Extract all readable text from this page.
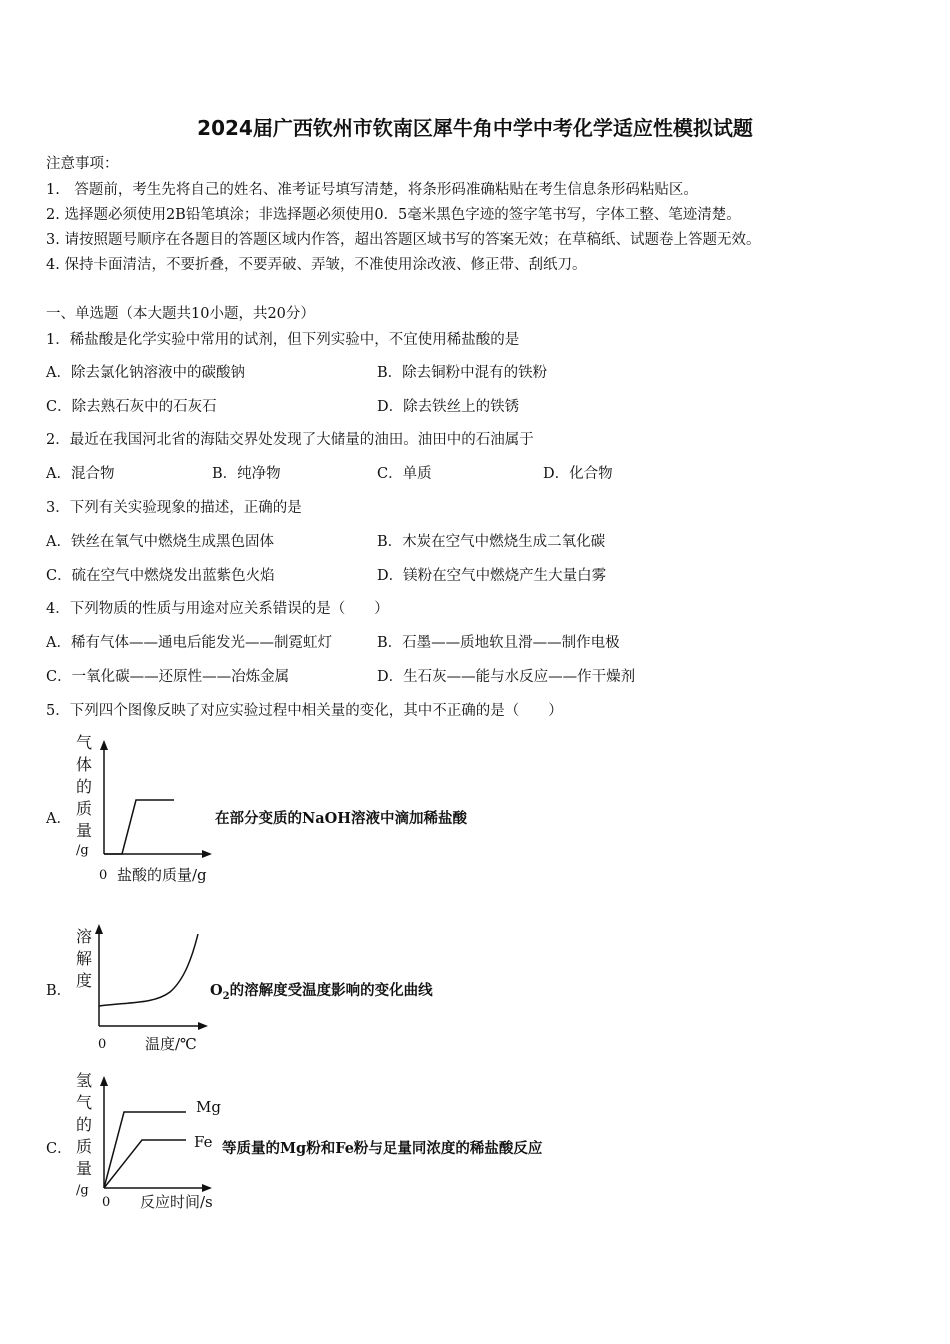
2024届广西钦州市钦南区犀牛角中学中考化学适应性模拟试题
注意事项：
1.　答题前，考生先将自己的姓名、准考证号填写清楚，将条形码准确粘贴在考生信息条形码粘贴区。
2. 选择题必须使用2B铅笔填涂；非选择题必须使用0．5毫米黑色字迹的签字笔书写，字体工整、笔迹清楚。
3. 请按照题号顺序在各题目的答题区域内作答，超出答题区域书写的答案无效；在草稿纸、试题卷上答题无效。
4. 保持卡面清洁，不要折叠，不要弄破、弄皱，不准使用涂改液、修正带、刮纸刀。
一、单选题（本大题共10小题，共20分）
1．稀盐酸是化学实验中常用的试剂，但下列实验中，不宜使用稀盐酸的是
A．除去氯化钠溶液中的碳酸钠	B．除去铜粉中混有的铁粉
C．除去熟石灰中的石灰石	D．除去铁丝上的铁锈
2．最近在我国河北省的海陆交界处发现了大储量的油田。油田中的石油属于
A．混合物	B．纯净物	C．单质	D．化合物
3．下列有关实验现象的描述，正确的是
A．铁丝在氧气中燃烧生成黑色固体	B．木炭在空气中燃烧生成二氧化碳
C．硫在空气中燃烧发出蓝紫色火焰	D．镁粉在空气中燃烧产生大量白雾
4．下列物质的性质与用途对应关系错误的是（　　）
A．稀有气体——通电后能发光——制霓虹灯	B．石墨——质地软且滑——制作电极
C．一氧化碳——还原性——冶炼金属	D．生石灰——能与水反应——作干燥剂
5．下列四个图像反映了对应实验过程中相关量的变化，其中不正确的是（　　）
A．
气
体
的
质
量
/g
0 盐酸的质量/g
在部分变质的NaOH溶液中滴加稀盐酸
B．
溶
解
度
0	温度/℃
$O_2$的溶解度受温度影响的变化曲线
C．
氢
气
的
质
量
/g
Mg
Fe
0 反应时间/s
等质量的Mg粉和Fe粉与足量同浓度的稀盐酸反应
